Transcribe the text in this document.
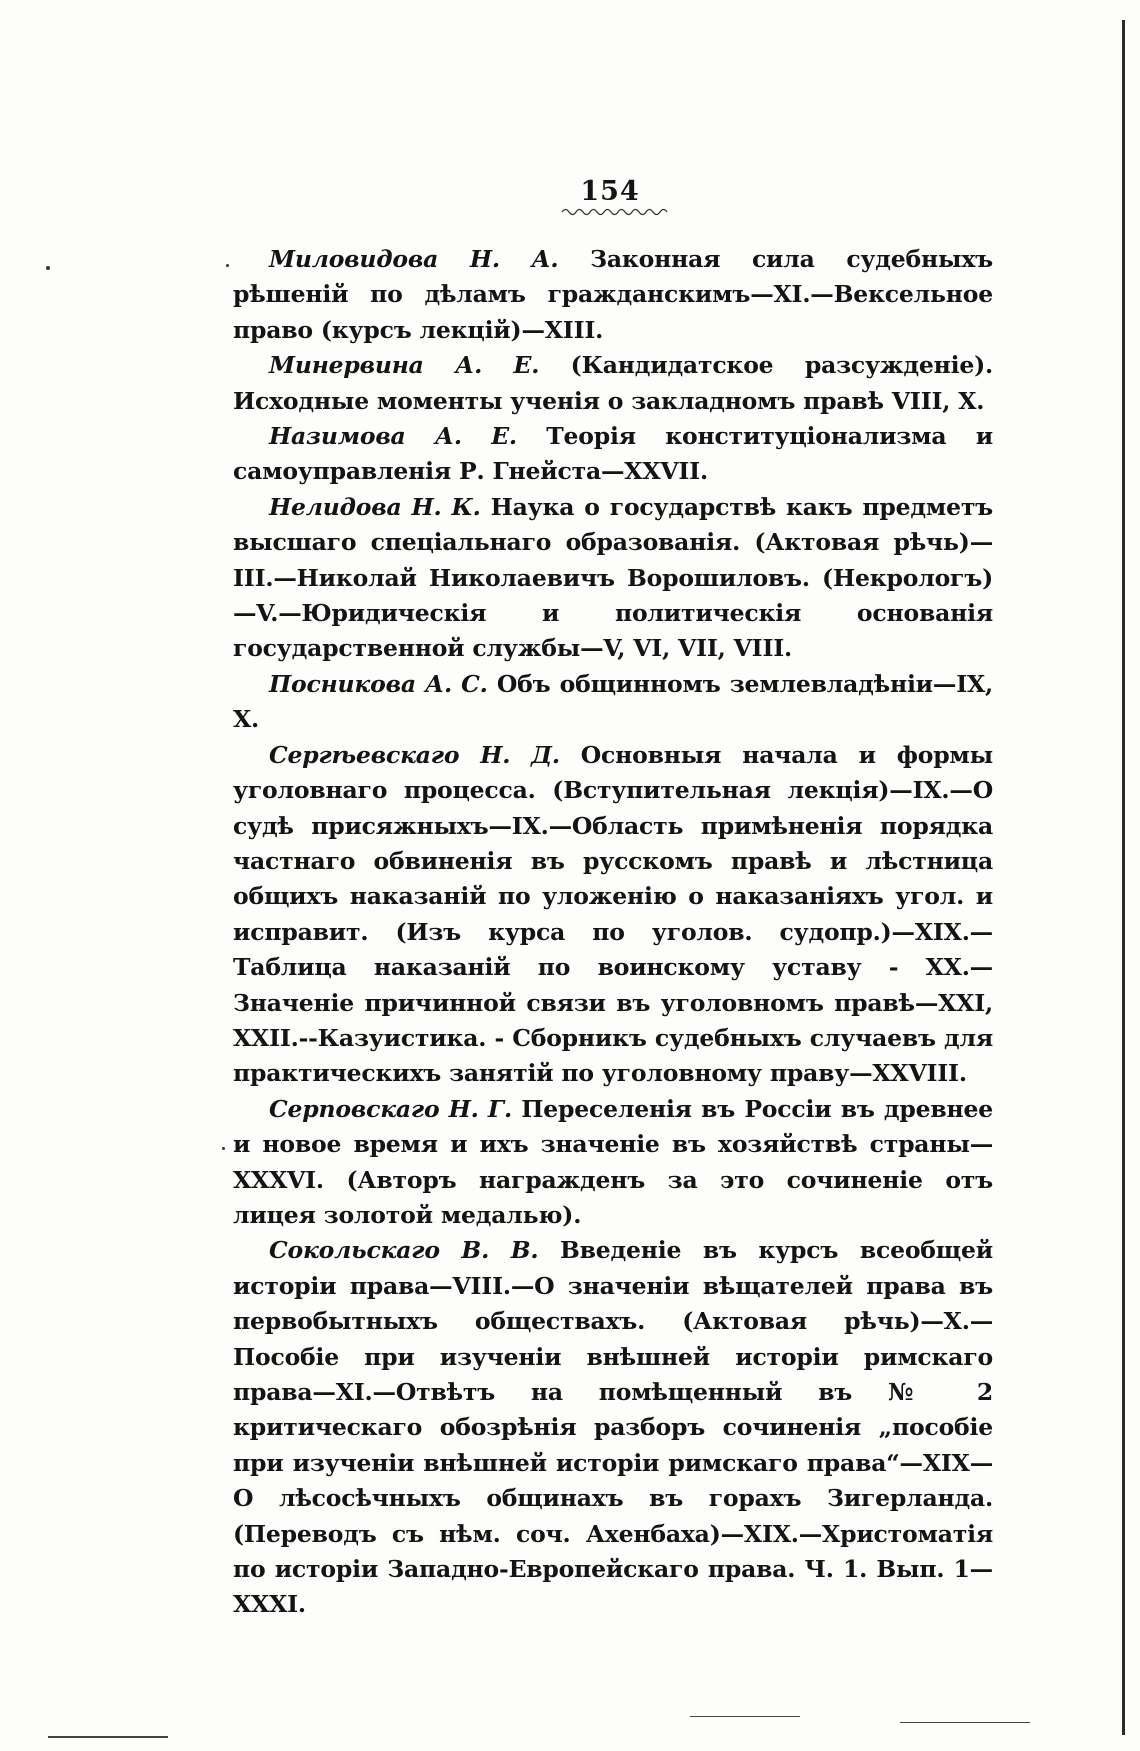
154

Миловидова Н. А. Законная сила судебныхъ рѣшеній по дѣламъ гражданскимъ—XI.—Вексельное право (курсъ лекцій)—XIII.

Минервина А. Е. (Кандидатское разсужденіе). Исходные моменты ученія о закладномъ правѣ VIII, X.

Назимова А. Е. Теорія конституціонализма и самоуправленія Р. Гнейста—XXVII.

Нелидова Н. К. Наука о государствѣ какъ предметъ высшаго спеціальнаго образованія. (Актовая рѣчь)—III.—Николай Николаевичъ Ворошиловъ. (Некрологъ)—V.—Юридическія и политическія основанія государственной службы—V, VI, VII, VIII.

Посникова А. С. Объ общинномъ землевладѣніи—IX, X.

Сергѣевскаго Н. Д. Основныя начала и формы уголовнаго процесса. (Вступительная лекція)—IX.—О судѣ присяжныхъ—IX.—Область примѣненія порядка частнаго обвиненія въ русскомъ правѣ и лѣстница общихъ наказаній по уложенію о наказаніяхъ угол. и исправит. (Изъ курса по уголов. судопр.)—XIX.—Таблица наказаній по воинскому уставу - XX.—Значеніе причинной связи въ уголовномъ правѣ—XXI, XXII.--Казуистика. - Сборникъ судебныхъ случаевъ для практическихъ занятій по уголовному праву—XXVIII.

Серповскаго Н. Г. Переселенія въ Россіи въ древнее и новое время и ихъ значеніе въ хозяйствѣ страны—XXXVI. (Авторъ награжденъ за это сочиненіе отъ лицея золотой медалью).

Сокольскаго В. В. Введеніе въ курсъ всеобщей исторіи права—VIII.—О значеніи вѣщателей права въ первобытныхъ обществахъ. (Актовая рѣчь)—X.—Пособіе при изученіи внѣшней исторіи римскаго права—XI.—Отвѣтъ на помѣщенный въ № 2 критическаго обозрѣнія разборъ сочиненія „пособіе при изученіи внѣшней исторіи римскаго права“—XIX—О лѣсосѣчныхъ общинахъ въ горахъ Зигерланда. (Переводъ съ нѣм. соч. Ахенбаха)—XIX.—Христоматія по исторіи Западно-Европейскаго права. Ч. 1. Вып. 1—XXXI.
